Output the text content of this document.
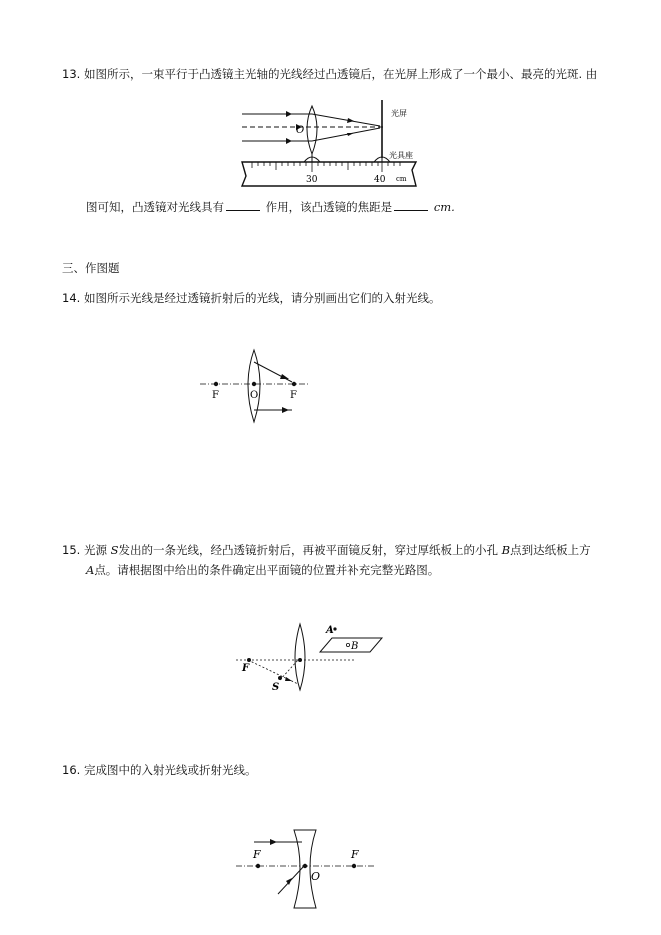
13. 如图所示，一束平行于凸透镜主光轴的光线经过凸透镜后，在光屏上形成了一个最小、最亮的光斑. 由
O
光屏
光具座
30	40 cm
图可知，凸透镜对光线具有	作用，该凸透镜的焦距是	cm.
三、作图题
14. 如图所示光线是经过透镜折射后的光线，请分别画出它们的入射光线。
F	O	F
15. 光源 S发出的一条光线，经凸透镜折射后，再被平面镜反射，穿过厚纸板上的小孔 B点到达纸板上方
A点。请根据图中给出的条件确定出平面镜的位置并补充完整光路图。
A
B
F
S
16. 完成图中的入射光线或折射光线。
F
O
F
